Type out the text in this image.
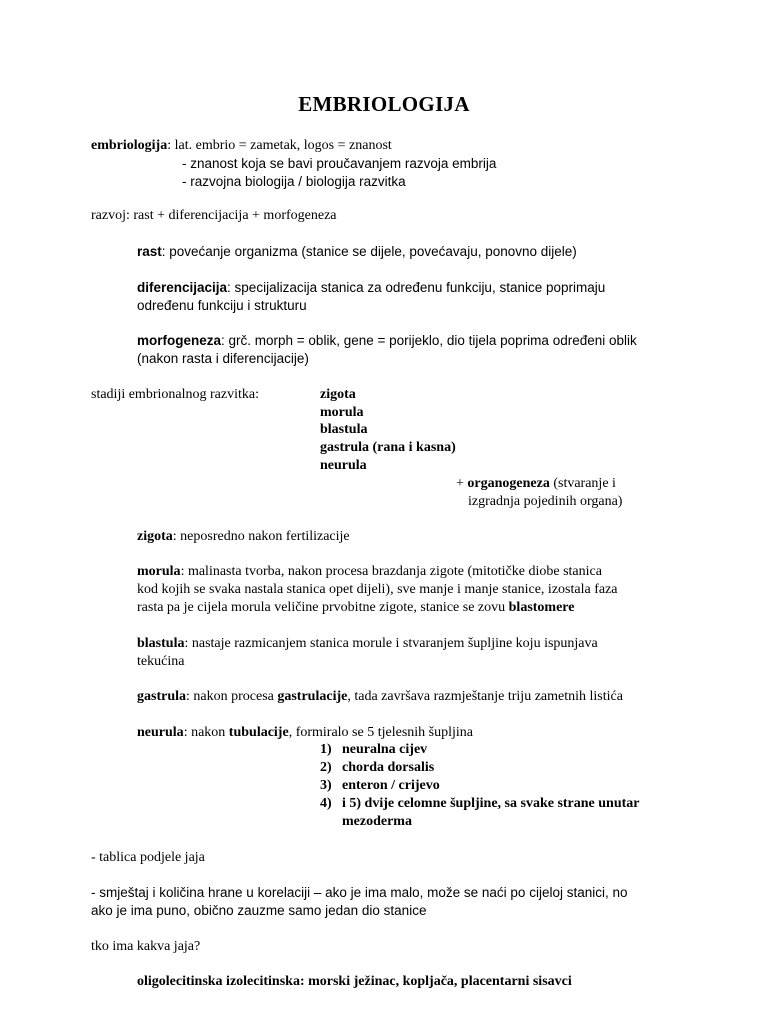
EMBRIOLOGIJA
embriologija: lat. embrio = zametak, logos = znanost
- znanost koja se bavi proučavanjem razvoja embrija
- razvojna biologija / biologija razvitka
razvoj: rast + diferencijacija + morfogeneza
rast: povećanje organizma (stanice se dijele, povećavaju, ponovno dijele)
diferencijacija: specijalizacija stanica za određenu funkciju, stanice poprimaju
određenu funkciju i strukturu
morfogeneza: grč. morph = oblik, gene = porijeklo, dio tijela poprima određeni oblik
(nakon rasta i diferencijacije)
stadiji embrionalnog razvitka:	zigota
morula
blastula
gastrula (rana i kasna)
neurula
+ organogeneza (stvaranje i
izgradnja pojedinih organa)
zigota: neposredno nakon fertilizacije
morula: malinasta tvorba, nakon procesa brazdanja zigote (mitotičke diobe stanica
kod kojih se svaka nastala stanica opet dijeli), sve manje i manje stanice, izostala faza
rasta pa je cijela morula veličine prvobitne zigote, stanice se zovu blastomere
blastula: nastaje razmicanjem stanica morule i stvaranjem šupljine koju ispunjava
tekućina
gastrula: nakon procesa gastrulacije, tada završava razmještanje triju zametnih listića
neurula: nakon tubulacije, formiralo se 5 tjelesnih šupljina
1) neuralna cijev
2) chorda dorsalis
3) enteron / crijevo
4) i 5) dvije celomne šupljine, sa svake strane unutar
mezoderma
- tablica podjele jaja
- smještaj i količina hrane u korelaciji – ako je ima malo, može se naći po cijeloj stanici, no
ako je ima puno, obično zauzme samo jedan dio stanice
tko ima kakva jaja?
oligolecitinska izolecitinska: morski ježinac, kopljača, placentarni sisavci
